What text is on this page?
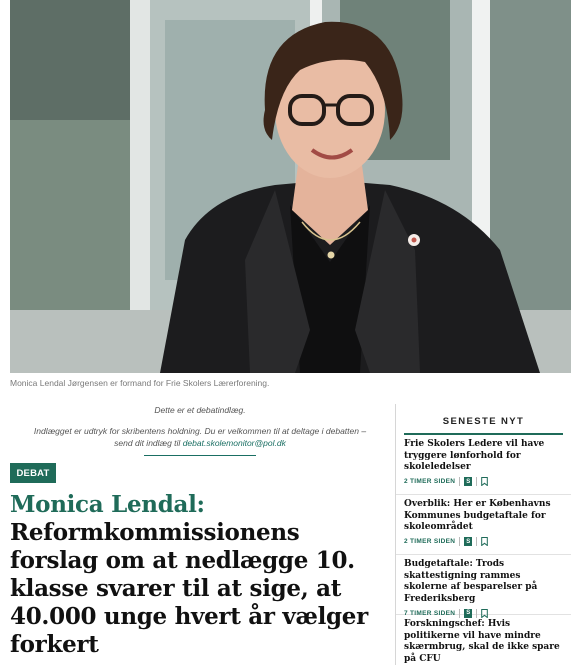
Monica Lendal Jørgensen er formand for Frie Skolers Lærerforening.
Dette er et debatindlæg.
Indlægget er udtryk for skribentens holdning. Du er velkommen til at deltage i debatten –
send dit indlæg til debat.skolemonitor@pol.dk
DEBAT
Monica Lendal:
Reformkommissionens forslag om at nedlægge 10. klasse svarer til at sige, at 40.000 unge hvert år vælger forkert
SENESTE NYT
Frie Skolers Ledere vil have tryggere lønforhold for skoleledelser
2 TIMER SIDEN	S
Overblik: Her er Københavns Kommunes budgetaftale for skoleområdet
2 TIMER SIDEN	S
Budgetaftale: Trods skattestigning rammes skolerne af besparelser på Frederiksberg
7 TIMER SIDEN	S
Forskningschef: Hvis politikerne vil have mindre skærmbrug, skal de ikke spare på CFU
